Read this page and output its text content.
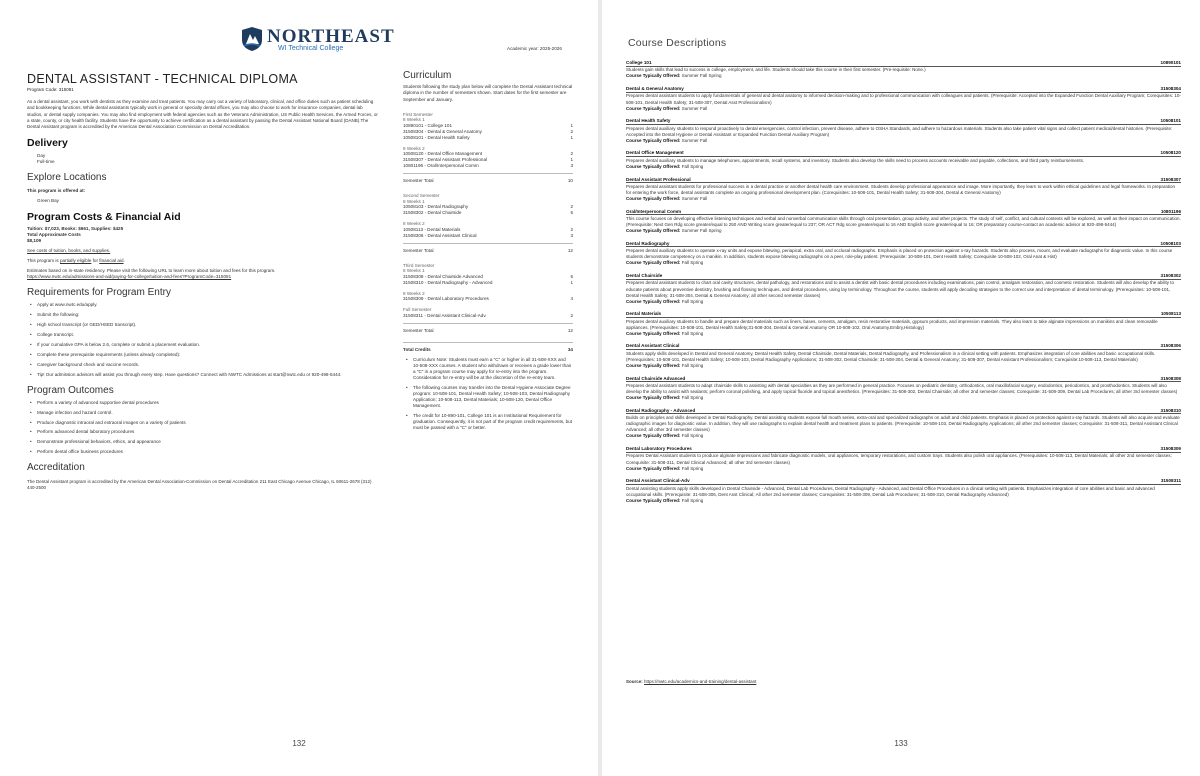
NORTHEAST
WI Technical College	Academic year: 2025-2026
DENTAL ASSISTANT - TECHNICAL DIPLOMA
Program Code: 315081
As a dental assistant, you work with dentists as they examine and treat patients. You may carry out a variety of laboratory, clinical, and office duties such as patient scheduling and bookkeeping functions. While dental assistants typically work in general or specialty dental offices, you may also choose to work for insurance companies, dental lab studios, or dental supply companies. You may also find employment with federal agencies such as the Veterans Administration, US Public Health Services, the Armed Forces, or a state, county, or city health facility. Students have the opportunity to achieve certification as a dental assistant by passing the Dental Assistant National Board (DANB).The Dental Assistant program is accredited by the American Dental Association Commission on Dental Accreditation.
Delivery
Day
Full-time
Explore Locations
This program is offered at:
Green Bay
Program Costs & Financial Aid
Tuition: $7,023, Books: $661, Supplies: $425
Total Approximate Costs
$8,109
See costs of tuition, books, and supplies.
This program is partially eligible for financial aid.
Estimates based on in-state residency. Please visit the following URL to learn more about tuition and fees for this program.
https://www.nwtc.edu/admissions-and-aid/paying-for-college/tuition-and-fees?ProgramCode=315081
Requirements for Program Entry
• Apply at www.nwtc.edu/apply.
• Submit the following:
• High school transcript (or GED/HSED transcript).
• College transcript.
• If your cumulative GPA is below 2.6, complete or submit a placement evaluation.
• Complete these prerequisite requirements (unless already completed):
• Caregiver background check and vaccine records.
• Tip! Our admission advisors will assist you through every step. Have questions? Connect with NWTC Admissions at start@nwtc.edu or 920-498-5444.
Program Outcomes
• Perform a variety of advanced supportive dental procedures
• Manage infection and hazard control.
• Produce diagnostic intraoral and extraoral images on a variety of patients
• Perform advanced dental laboratory procedures
• Demonstrate professional behaviors, ethics, and appearance
• Perform dental office business procedures
Accreditation
The Dental Assistant program is accredited by the American Dental Association-Commission on Dental Accreditation 211 East Chicago Avenue Chicago, IL 60611-2678 (312) 440-2500
Curriculum
Students following the study plan below will complete the Dental Assistant technical diploma in the number of semesters shown. Start dates for the first semester are September and January.
First Semester
8 Weeks 1
10890101 - College 101	1
31508304 - Dental & General Anatomy	2
10508101 - Dental Health Safety	1
8 Weeks 2
10508120 - Dental Office Management	2
31508307 - Dental Assistant Professional	1
10801196 - Oral/Interpersonal Comm	3
Semester Total	10
Second Semester
8 Weeks 1
10508103 - Dental Radiography	2
31508302 - Dental Chairside	5
8 Weeks 2
10508113 - Dental Materials	2
31508306 - Dental Assistant Clinical	3
Semester Total	12
Third Semester
8 Weeks 1
31508308 - Dental Chairside Advanced	5
31508310 - Dental Radiography - Advanced	1
8 Weeks 2
31508309 - Dental Laboratory Procedures	4
Full Semester
31508311 - Dental Assistant Clinical-Adv.	2
Semester Total	12
Total Credits	34
• Curriculum Note: Students must earn a "C" or higher in all 31-508-XXX and 10-508-XXX courses. A student who withdraws or receives a grade lower than a "C" in a program course may apply for re-entry into the program. Consideration for re-entry will be at the discretion of the re-entry team.
• The following courses may transfer into the Dental Hygiene Associate Degree program: 10-508-101, Dental Health Safety; 10-508-103, Dental Radiography Application; 10-508-113, Dental Materials; 10-508-120, Dental Office Management.
• The credit for 10-890-101, College 101 is an Institutional Requirement for graduation. Consequently, it is not part of the program credit requirements, but must be passed with a "C" or better.
132
Course Descriptions
College 101	10890101
Students gain skills that lead to success in college, employment, and life. Students should take this course in their first semester. (Pre-requisite: None.)
Course Typically Offered: Summer Fall Spring
Dental & General Anatomy	31508304
Prepares dental assistant students to apply fundamentals of general and dental anatomy to informed decision-making and to professional communication with colleagues and patients. (Prerequisite: Accepted into the Expanded Function Dental Auxiliary Program; Corequisites: 10-508-101, Dental Health Safety; 31-508-307, Dental Asst Professionalism)
Course Typically Offered: Summer Fall
Dental Health Safety	10508101
Prepares dental auxiliary students to respond proactively to dental emergencies, control infection, prevent disease, adhere to OSHA Standards, and adhere to hazardous materials. Students also take patient vital signs and collect patient medical/dental histories. (Prerequisite: Accepted into the Dental Hygiene or Dental Assistant or Expanded Function Dental Auxiliary Program)
Course Typically Offered: Summer Fall
Dental Office Management	10508120
Prepares dental auxiliary students to manage telephones, appointments, recall systems, and inventory. Students also develop the skills need to process accounts receivable and payable, collections, and third party reimbursements.
Course Typically Offered: Fall Spring
Dental Assistant Professional	31508307
Prepares dental assistant students for professional success in a dental practice or another dental health care environment. Students develop professional appearance and image. More importantly, they learn to work within ethical guidelines and legal frameworks. In preparation for entering the work force, dental assistants complete an ongoing professional development plan. (Corequisites: 10-508-101, Dental Health Safety; 31-508-304, Dental & General Anatomy)
Course Typically Offered: Summer Fall
Oral/Interpersonal Comm	10801196
This course focuses on developing effective listening techniques and verbal and nonverbal communication skills through oral presentation, group activity, and other projects. The study of self, conflict, and cultural contexts will be explored, as well as their impact on communication. (Prerequisite: Next Gen Rdg score greater/equal to 250 AND Writing score greater/equal to 237; OR ACT Rdg score greater/equal to 16 AND English score greater/equal to 16; OR preparatory course-contact an academic advisor at 920-498-5444)
Course Typically Offered: Summer Fall Spring
Dental Radiography	10508103
Prepares dental auxiliary students to operate x-ray units and expose bitewing, periapical, extra oral, and occlusal radiographs. Emphasis is placed on protection against x-ray hazards. Students also process, mount, and evaluate radiographs for diagnostic value. In this course students demonstrate competency on a manikin. In addition, students expose bitewing radiographs on a peer, role-play patient. (Prerequisite: 10-508-101, Dent Health Safety; Corequisite 10-508-102, Oral Anat & Hist)
Course Typically Offered: Fall Spring
Dental Chairside	31508302
Prepares dental assistant students to chart oral cavity structures, dental pathology, and restorations and to assist a dentist with basic dental procedures including examinations, pain control, amalgam restoration, and cosmetic restoration. Students will also develop the ability to educate patients about preventive dentistry, brushing and flossing techniques, and dental procedures, using lay terminology. Throughout the course, students will apply decoding strategies to the correct use and interpretation of dental terminology. (Prerequisites: 10-508-101, Dental Health Safety; 31-508-304, Dental & General Anatomy; all other second semester classes)
Course Typically Offered: Fall Spring
Dental Materials	10508113
Prepares dental auxiliary students to handle and prepare dental materials such as liners, bases, cements, amalgam, resin restorative materials, gypsum products, and impression materials. They also learn to take alginate impressions on manikins and clean removable appliances. (Prerequisites: 10-508-101, Dental Health Safety;31-508-304, Dental & General Anatomy OR 10-508-102, Oral Anatomy,Embry,Histology)
Course Typically Offered: Fall Spring
Dental Assistant Clinical	31508306
Students apply skills developed in Dental and General Anatomy, Dental Health Safety, Dental Chairside, Dental Materials, Dental Radiography, and Professionalism in a clinical setting with patients. Emphasizes integration of core abilities and basic occupational skills. (Prerequisites: 10-508-101, Dental Health Safety; 10-508-103, Dental Radiography Applications; 31-508-302, Dental Chairside; 31-508-304, Dental & General Anatomy; 31-508-307, Dental Assistant Professionalism; Corequisite:10-508-113, Dental Materials)
Course Typically Offered: Fall Spring
Dental Chairside Advanced	31508308
Prepares dental assistant students to adapt chairside skills to assisting with dental specialties as they are performed in general practice. Focuses on pediatric dentistry, orthodontics, oral maxillofacial surgery, endodontics, periodontics, and prosthodontics. Students will also develop the ability to assist with sealants; perform coronal polishing, and apply topical fluoride and topical anesthetics. (Prerequisites: 31-508-302, Dental Chairside; all other 2nd semester classes; Corequisite: 31-508-309, Dental Lab Procedures; all other 3rd semester classes)
Course Typically Offered: Fall Spring
Dental Radiography - Advanced	31508310
Builds on principles and skills developed in Dental Radiography. Dental assisting students expose full mouth series, extra-oral and specialized radiographs on adult and child patients. Emphasis is placed on protection against x-ray hazards. Students will also acquire and evaluate radiographic images for diagnostic value. In addition, they will use radiographs to explain dental health and treatment plans to patients. (Prerequisite: 10-508-103, Dental Radiography Applications; all other 2nd semester classes; Corequisite: 31-508-311, Dental Assistant Clinical Advanced; all other 3rd semester classes)
Course Typically Offered: Fall Spring
Dental Laboratory Procedures	31508309
Prepares Dental Assistant students to produce alginate impressions and fabricate diagnostic models, oral appliances, temporary restorations, and custom trays. Students also polish oral appliances. (Prerequisites: 10-508-113, Dental Materials; all other 2nd semester classes; Corequisite: 31-508-311, Dental Clinical Advanced; all other 3rd semester classes)
Course Typically Offered: Fall Spring
Dental Assistant Clinical-Adv	31508311
Dental assisting students apply skills developed in Dental Chairside - Advanced, Dental Lab Procedures, Dental Radiography - Advanced, and Dental Office Procedures in a clinical setting with patients. Emphasizes integration of core abilities and basic and advanced occupational skills. (Prerequisite: 31-508-306, Dent Asst Clinical; All other 2nd semester classes; Corequisites: 31-508-309, Dental Lab Procedures; 31-508-310, Dental Radiography Advanced)
Course Typically Offered: Fall Spring
Source: https://nwtc.edu/academics-and-training/dental-assistant
133
